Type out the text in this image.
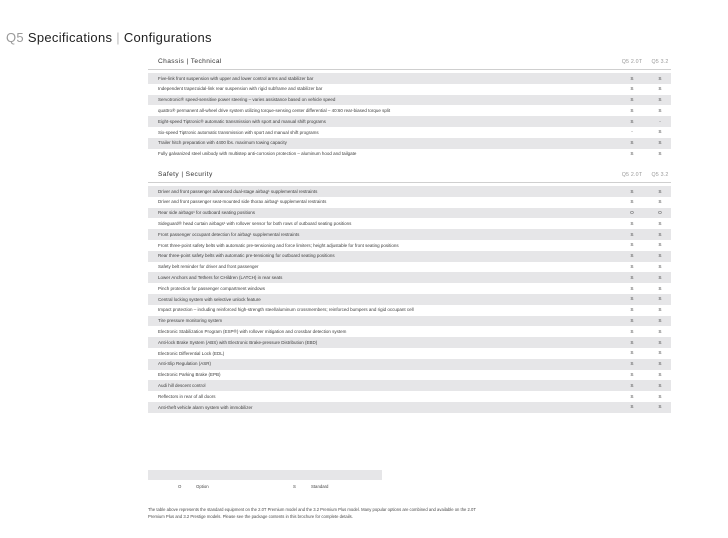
Q5 Specifications | Configurations
Chassis | Technical	Q5 2.0T	Q5 3.2
Five-link front suspension with upper and lower control arms and stabilizer bar	S	S
Independent trapezoidal-link rear suspension with rigid subframe and stabilizer bar	S	S
Servotronic® speed-sensitive power steering – varies assistance based on vehicle speed	S	S
quattro® permanent all-wheel drive system utilizing torque-sensing center differential – 40:60 rear-biased torque split	S	S
Eight-speed Tiptronic® automatic transmission with sport and manual shift programs	S	-
Six-speed Tiptronic automatic transmission with sport and manual shift programs	-	S
Trailer hitch preparation with 4400 lbs. maximum towing capacity	S	S
Fully galvanized steel unibody with multistep anti-corrosion protection – aluminum hood and tailgate	S	S
Safety | Security	Q5 2.0T	Q5 3.2
Driver and front passenger advanced dual-stage airbag¹ supplemental restraints	S	S
Driver and front passenger seat-mounted side thorax airbag¹ supplemental restraints	S	S
Rear side airbags¹ for outboard seating positions	O	O
Sideguard® head curtain airbags¹ with rollover sensor for both rows of outboard seating positions	S	S
Front passenger occupant detection for airbag¹ supplemental restraints	S	S
Front three-point safety belts with automatic pre-tensioning and force limiters; height adjustable for front seating positions	S	S
Rear three-point safety belts with automatic pre-tensioning for outboard seating positions	S	S
Safety belt reminder for driver and front passenger	S	S
Lower Anchors and Tethers for CHildren (LATCH) in rear seats	S	S
Pinch protection for passenger compartment windows	S	S
Central locking system with selective unlock feature	S	S
Impact protection – including reinforced high-strength steel/aluminum crossmembers; reinforced bumpers and rigid occupant cell	S	S
Tire pressure monitoring system	S	S
Electronic Stabilization Program (ESP®) with rollover mitigation and crossbar detection system	S	S
Anti-lock Brake System (ABS) with Electronic Brake-pressure Distribution (EBD)	S	S
Electronic Differential Lock (EDL)	S	S
Anti-Slip Regulation (ASR)	S	S
Electronic Parking Brake (EPB)	S	S
Audi hill descent control	S	S
Reflectors in rear of all doors	S	S
Anti-theft vehicle alarm system with immobilizer	S	S
O	Option	S	Standard
The table above represents the standard equipment on the 2.0T Premium model and the 3.2 Premium Plus model. Many popular options are combined and available on the 2.0T Premium Plus and 3.2 Prestige models. Please see the package contents in this brochure for complete details.
